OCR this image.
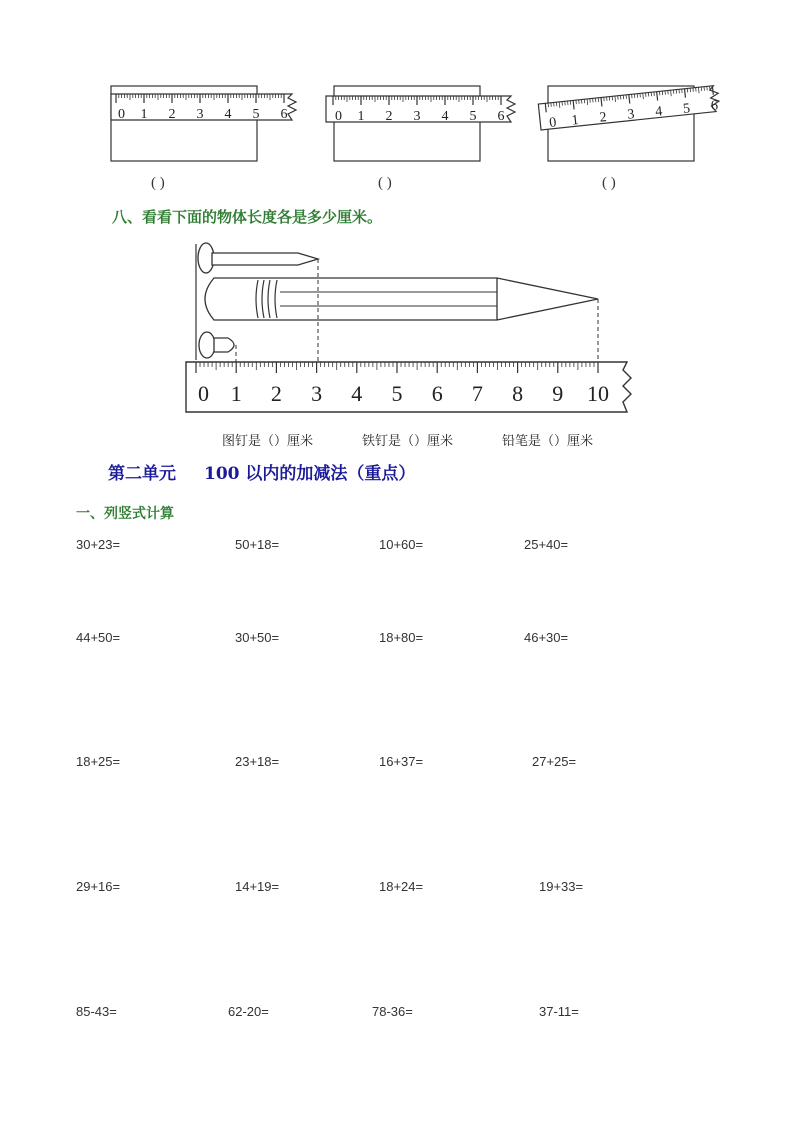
0 1 2 3 4 5 6	0 1 2 3 4 5 6	0 1 2 3 4 5 6
( )	( )	( )
八、看看下面的物体长度各是多少厘米。
0 1 2 3 4 5 6 7 8 9 10
图钉是（）厘米	铁钉是（）厘米	铅笔是（）厘米
第二单元 100 以内的加减法（重点）
一、列竖式计算
30+23=	50+18=	10+60=	25+40=
44+50=	30+50=	18+80=	46+30=
18+25=	23+18=	16+37=	27+25=
29+16=	14+19=	18+24=	19+33=
85-43=	62-20=	78-36=	37-11=
